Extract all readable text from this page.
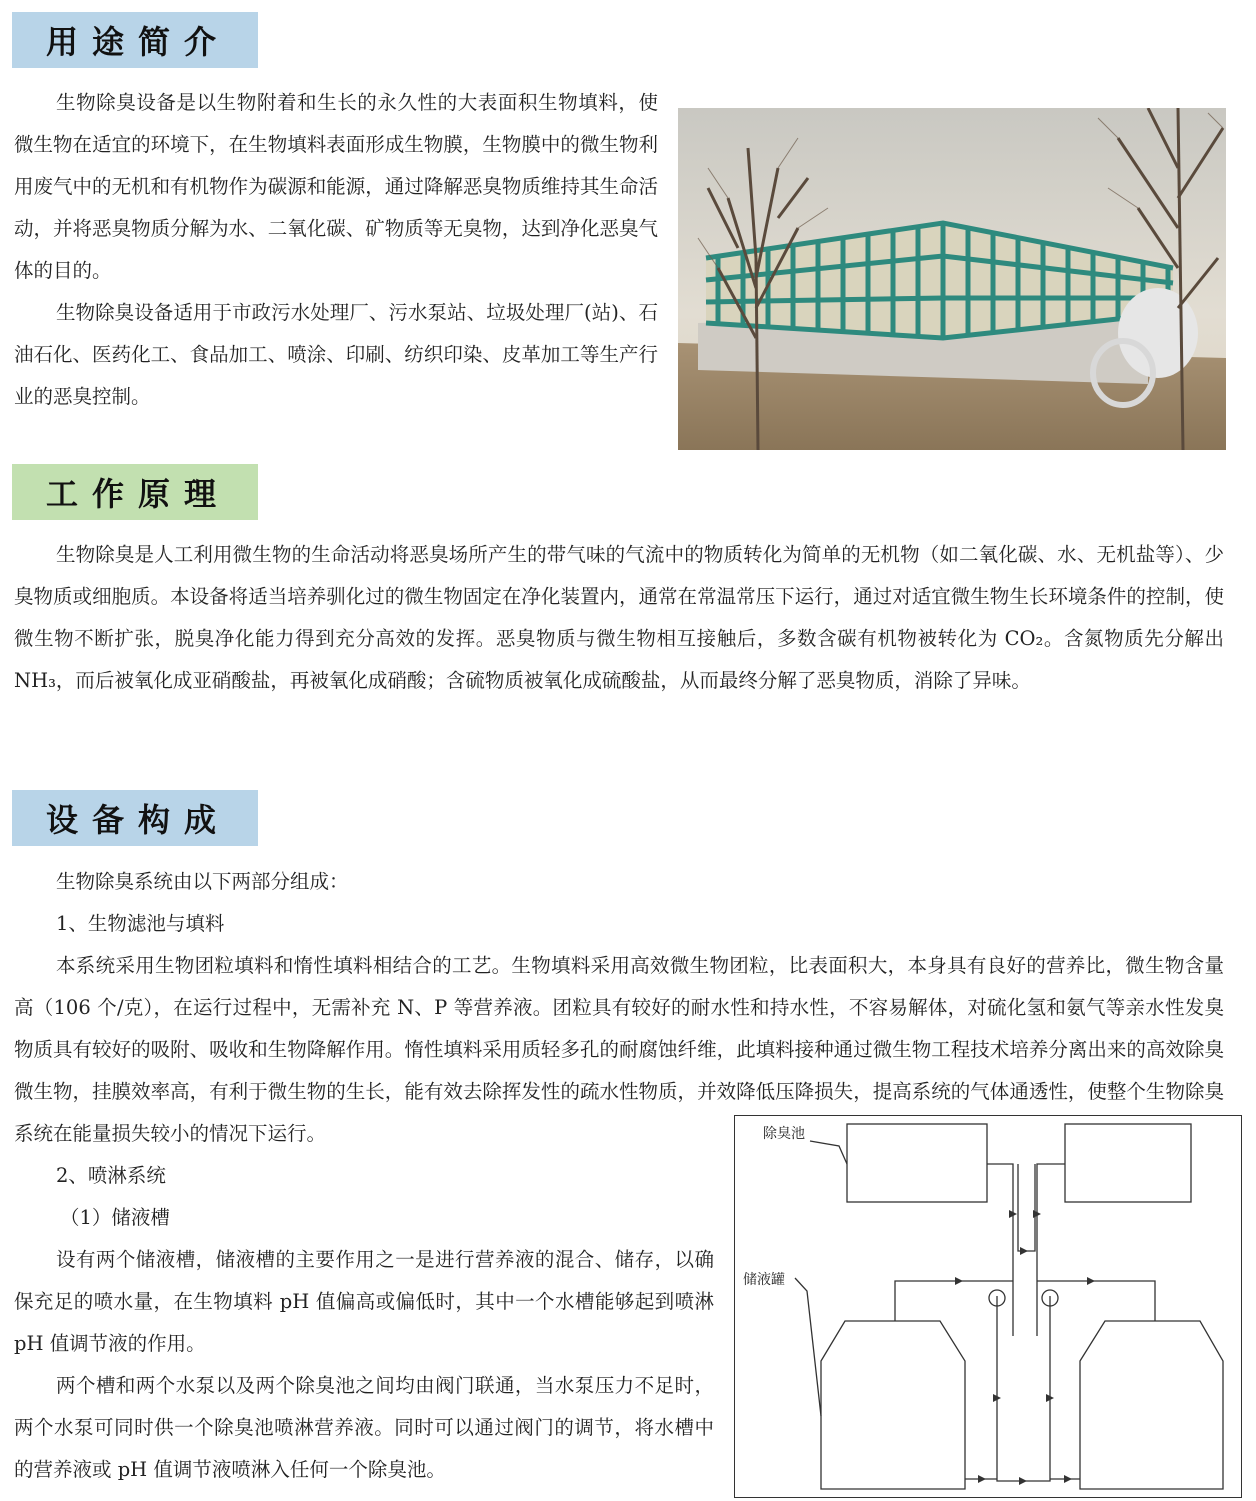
用途简介

生物除臭设备是以生物附着和生长的永久性的大表面积生物填料，使微生物在适宜的环境下，在生物填料表面形成生物膜，生物膜中的微生物利用废气中的无机和有机物作为碳源和能源，通过降解恶臭物质维持其生命活动，并将恶臭物质分解为水、二氧化碳、矿物质等无臭物，达到净化恶臭气体的目的。

生物除臭设备适用于市政污水处理厂、污水泵站、垃圾处理厂(站)、石油石化、医药化工、食品加工、喷涂、印刷、纺织印染、皮革加工等生产行业的恶臭控制。

工作原理

生物除臭是人工利用微生物的生命活动将恶臭场所产生的带气味的气流中的物质转化为简单的无机物（如二氧化碳、水、无机盐等）、少臭物质或细胞质。本设备将适当培养驯化过的微生物固定在净化装置内，通常在常温常压下运行，通过对适宜微生物生长环境条件的控制，使微生物不断扩张，脱臭净化能力得到充分高效的发挥。恶臭物质与微生物相互接触后，多数含碳有机物被转化为 CO₂。含氮物质先分解出 NH₃，而后被氧化成亚硝酸盐，再被氧化成硝酸；含硫物质被氧化成硫酸盐，从而最终分解了恶臭物质，消除了异味。

设备构成

生物除臭系统由以下两部分组成：

1、生物滤池与填料

本系统采用生物团粒填料和惰性填料相结合的工艺。生物填料采用高效微生物团粒，比表面积大，本身具有良好的营养比，微生物含量高（106 个/克），在运行过程中，无需补充 N、P 等营养液。团粒具有较好的耐水性和持水性，不容易解体，对硫化氢和氨气等亲水性发臭物质具有较好的吸附、吸收和生物降解作用。惰性填料采用质轻多孔的耐腐蚀纤维，此填料接种通过微生物工程技术培养分离出来的高效除臭微生物，挂膜效率高，有利于微生物的生长，能有效去除挥发性的疏水性物质，并效降低压降损失，提高系统的气体通透性，使整个生物除臭系统在能量损失较小的情况下运行。

2、喷淋系统

（1）储液槽

设有两个储液槽，储液槽的主要作用之一是进行营养液的混合、储存，以确保充足的喷水量，在生物填料 pH 值偏高或偏低时，其中一个水槽能够起到喷淋 pH 值调节液的作用。

两个槽和两个水泵以及两个除臭池之间均由阀门联通，当水泵压力不足时，两个水泵可同时供一个除臭池喷淋营养液。同时可以通过阀门的调节，将水槽中的营养液或 pH 值调节液喷淋入任何一个除臭池。

除臭池
储液罐
